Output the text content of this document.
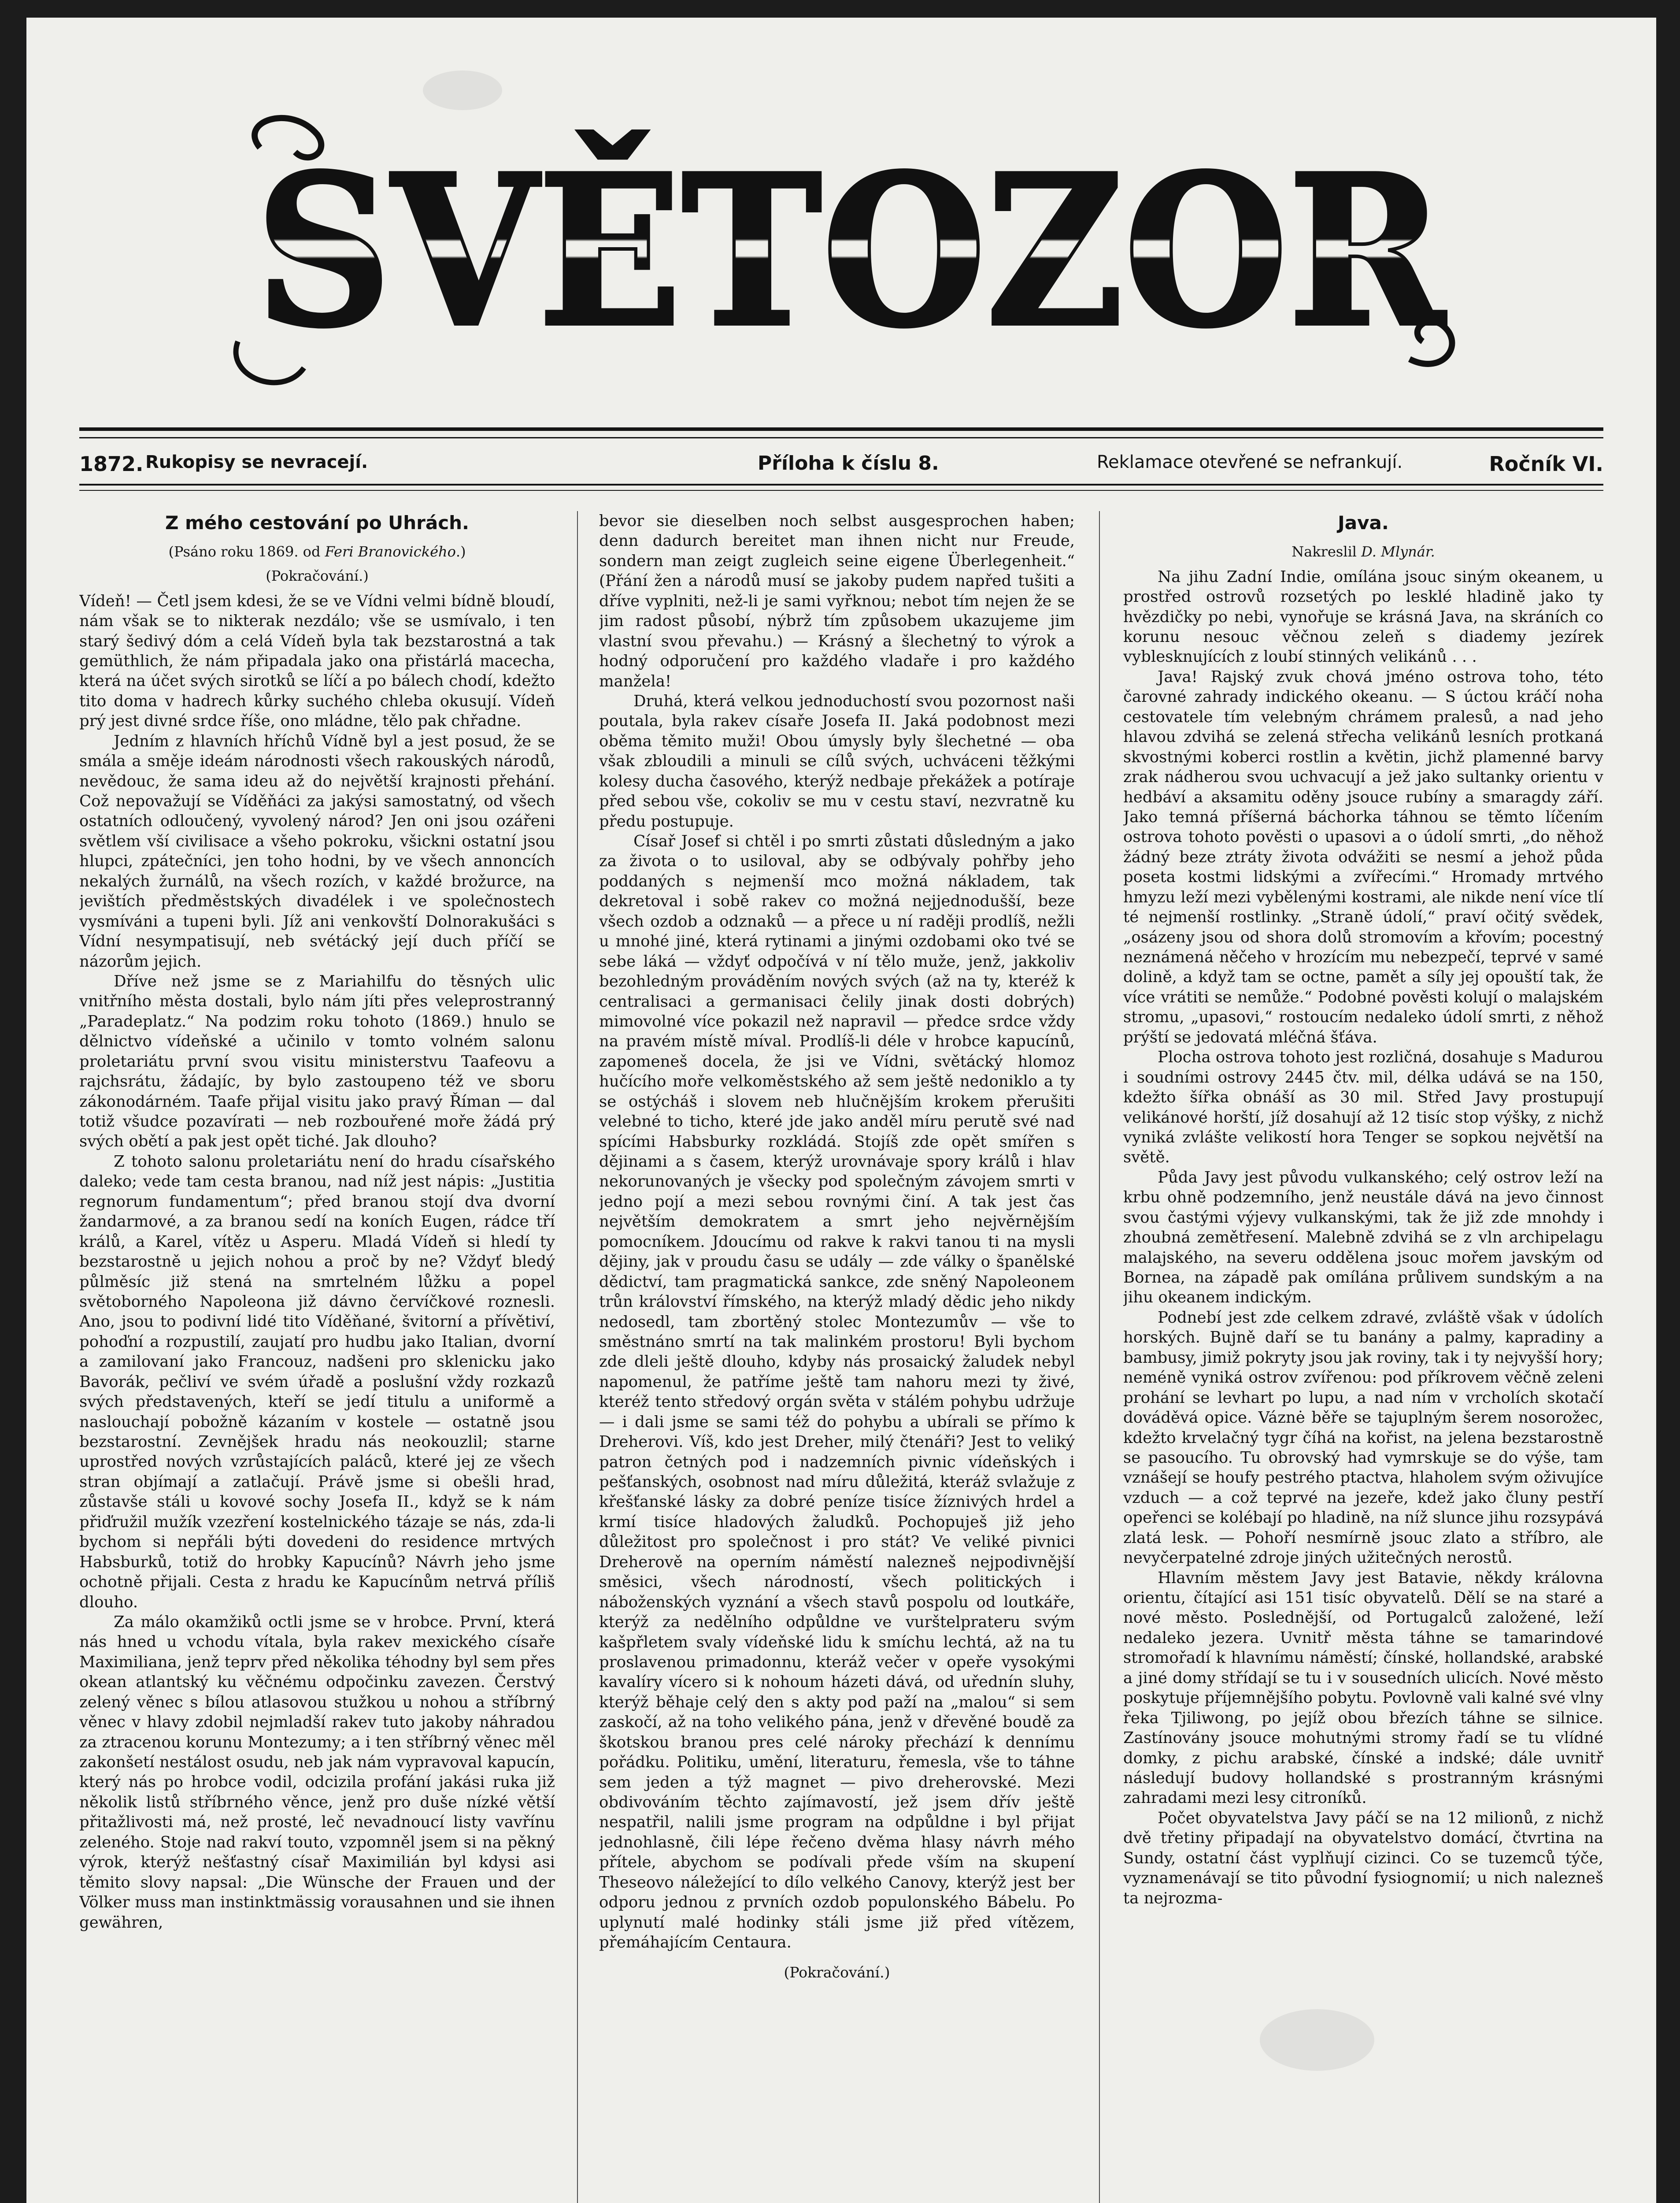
SVĚTOZOR
1872. Rukopisy se nevracejí.	Příloha k číslu 8.	Reklamace otevřené se nefrankují.	Ročník VI.
Z mého cestování po Uhrách.
(Psáno roku 1869. od Feri Branovického.)
(Pokračování.)

Vídeň! — Četl jsem kdesi, že se ve Vídni velmi bídně bloudí, nám však se to nikterak nezdálo; vše se usmívalo, i ten starý šedivý dóm a celá Vídeň byla tak bezstarostná a tak gemüthlich, že nám připadala jako ona přistárlá macecha, která na účet svých sirotků se líčí a po bálech chodí, kdežto tito doma v hadrech kůrky suchého chleba okusují. Vídeň prý jest divné srdce říše, ono mládne, tělo pak chřadne.

Jedním z hlavních hříchů Vídně byl a jest posud, že se smála a směje ideám národnosti všech rakouských národů, nevědouc, že sama ideu až do největší krajnosti přehání. Což nepovažují se Víděňáci za jakýsi samostatný, od všech ostatních odloučený, vyvolený národ? Jen oni jsou ozářeni světlem vší civilisace a všeho pokroku, všickni ostatní jsou hlupci, zpátečníci, jen toho hodni, by ve všech annoncích nekalých žurnálů, na všech rozích, v každé brožurce, na jevištích předměstských divadélek i ve společnostech vysmíváni a tupeni byli. Jíž ani venkovští Dolnorakušáci s Vídní nesympatisují, neb svétácký její duch příčí se názorům jejich.

Dříve než jsme se z Mariahilfu do těsných ulic vnitřního města dostali, bylo nám jíti přes veleprostranný „Paradeplatz.“ Na podzim roku tohoto (1869.) hnulo se dělnictvo vídeňské a učinilo v tomto volném salonu proletariátu první svou visitu ministerstvu Taafeovu a rajchsrátu, žádajíc, by bylo zastoupeno též ve sboru zákonodárném. Taafe přijal visitu jako pravý Říman — dal totiž všudce pozavírati — neb rozbouřené moře žádá prý svých obětí a pak jest opět tiché. Jak dlouho?

Z tohoto salonu proletariátu není do hradu císařského daleko; vede tam cesta branou, nad níž jest nápis: „Justitia regnorum fundamentum“; před branou stojí dva dvorní žandarmové, a za branou sedí na koních Eugen, rádce tří králů, a Karel, vítěz u Asperu. Mladá Vídeň si hledí ty bezstarostně u jejich nohou a proč by ne? Vždyť bledý půlměsíc již stená na smrtelném lůžku a popel světoborného Napoleona již dávno červíčkové roznesli. Ano, jsou to podivní lidé tito Víděňané, švitorní a přívětiví, pohoďní a rozpustilí, zaujatí pro hudbu jako Italian, dvorní a zamilovaní jako Francouz, nadšeni pro sklenicku jako Bavorák, pečliví ve svém úřadě a poslušní vždy rozkazů svých představených, kteří se jedí titulu a uniformě a naslouchají pobožně kázaním v kostele — ostatně jsou bezstarostní. Zevnějšek hradu nás neokouzlil; starne uprostřed nových vzrůstajících paláců, které jej ze všech stran objímají a zatlačují. Právě jsme si obešli hrad, zůstavše stáli u kovové sochy Josefa II., když se k nám přiďružil mužík vzezření kostelnického tázaje se nás, zda-li bychom si nepřáli býti dovedeni do residence mrtvých Habsburků, totiž do hrobky Kapucínů? Návrh jeho jsme ochotně přijali. Cesta z hradu ke Kapucínům netrvá příliš dlouho.

Za málo okamžiků octli jsme se v hrobce. První, která nás hned u vchodu vítala, byla rakev mexického císaře Maximiliana, jenž teprv před několika téhodny byl sem přes okean atlantský ku věčnému odpočinku zavezen. Čerstvý zelený věnec s bílou atlasovou stužkou u nohou a stříbrný věnec v hlavy zdobil nejmladší rakev tuto jakoby náhradou za ztracenou korunu Montezumy; a i ten stříbrný věnec měl zakonšetí nestálost osudu, neb jak nám vypravoval kapucín, který nás po hrobce vodil, odcizila profání jakási ruka již několik listů stříbrného věnce, jenž pro duše nízké větší přitažlivosti má, než prosté, leč nevadnoucí listy vavřínu zeleného. Stoje nad rakví touto, vzpomněl jsem si na pěkný výrok, kterýž nešťastný císař Maximilián byl kdysi asi těmito slovy napsal: „Die Wünsche der Frauen und der Völker muss man instinktmässig vorausahnen und sie ihnen gewähren,

bevor sie dieselben noch selbst ausgesprochen haben; denn dadurch bereitet man ihnen nicht nur Freude, sondern man zeigt zugleich seine eigene Überlegenheit.“ (Přání žen a národů musí se jakoby pudem napřed tušiti a dříve vyplniti, než-li je sami vyřknou; nebot tím nejen že se jim radost působí, nýbrž tím způsobem ukazujeme jim vlastní svou převahu.) — Krásný a šlechetný to výrok a hodný odporučení pro každého vladaře i pro každého manžela!

Druhá, která velkou jednoduchostí svou pozornost naši poutala, byla rakev císaře Josefa II. Jaká podobnost mezi oběma těmito muži! Obou úmysly byly šlechetné — oba však zbloudili a minuli se cílů svých, uchváceni těžkými kolesy ducha časového, kterýž nedbaje překážek a potíraje před sebou vše, cokoliv se mu v cestu staví, nezvratně ku předu postupuje.

Císař Josef si chtěl i po smrti zůstati důsledným a jako za života o to usiloval, aby se odbývaly pohřby jeho poddaných s nejmenší mco možná nákladem, tak dekretoval i sobě rakev co možná nejjednodušší, beze všech ozdob a odznaků — a přece u ní raději prodlíš, nežli u mnohé jiné, která rytinami a jinými ozdobami oko tvé se sebe láká — vždyť odpočívá v ní tělo muže, jenž, jakkoliv bezohledným prováděním nových svých (až na ty, kteréž k centralisaci a germanisaci čelily jinak dosti dobrých) mimovolné více pokazil než napravil — předce srdce vždy na pravém místě míval. Prodlíš-li déle v hrobce kapucínů, zapomeneš docela, že jsi ve Vídni, světácký hlomoz hučícího moře velkoměstského až sem ještě nedoniklo a ty se ostýcháš i slovem neb hlučnějším krokem přerušiti velebné to ticho, které jde jako anděl míru perutě své nad spícími Habsburky rozkládá. Stojíš zde opět smířen s dějinami a s časem, kterýž urovnávaje spory králů i hlav nekorunovaných je všecky pod společným závojem smrti v jedno pojí a mezi sebou rovnými činí. A tak jest čas největším demokratem a smrt jeho nejvěrnějším pomocníkem. Jdoucímu od rakve k rakvi tanou ti na mysli dějiny, jak v proudu času se udály — zde války o španělské dědictví, tam pragmatická sankce, zde sněný Napoleonem trůn království římského, na kterýž mladý dědic jeho nikdy nedosedl, tam zbortěný stolec Montezumův — vše to směstnáno smrtí na tak malinkém prostoru! Byli bychom zde dleli ještě dlouho, kdyby nás prosaický žaludek nebyl napomenul, že patříme ještě tam nahoru mezi ty živé, kteréž tento středový orgán světa v stálém pohybu udržuje — i dali jsme se sami též do pohybu a ubírali se přímo k Dreherovi. Víš, kdo jest Dreher, milý čtenáři? Jest to veliký patron četných pod i nadzemních pivnic vídeňských i pešťanských, osobnost nad míru důležitá, kteráž svlažuje z křešťanské lásky za dobré peníze tisíce žíznivých hrdel a krmí tisíce hladových žaludků. Pochopuješ již jeho důležitost pro společnost i pro stát? Ve veliké pivnici Dreherově na operním náměstí nalezneš nejpodivnější směsici, všech národností, všech politických i náboženských vyznání a všech stavů pospolu od loutkáře, kterýž za nedělního odpůldne ve vurštelprateru svým kašpřletem svaly vídeňské lidu k smíchu lechtá, až na tu proslavenou primadonnu, kteráž večer v opeře vysokými kavalíry vícero si k nohoum házeti dává, od uřednín sluhy, kterýž běhaje celý den s akty pod paží na „malou“ si sem zaskočí, až na toho velikého pána, jenž v dřevěné boudě za škotskou branou pres celé nároky přechází k dennímu pořádku. Politiku, umění, literaturu, řemesla, vše to táhne sem jeden a týž magnet — pivo dreherovské. Mezi obdivováním těchto zajímavostí, jež jsem dřív ještě nespatřil, nalili jsme program na odpůldne i byl přijat jednohlasně, čili lépe řečeno dvěma hlasy návrh mého přítele, abychom se podívali přede vším na skupení Theseovo náležející to dílo velkého Canovy, kterýž jest ber odporu jednou z prvních ozdob populonského Bábelu. Po uplynutí malé hodinky stáli jsme již před vítězem, přemáhajícím Centaura.

(Pokračování.)
Java.
Nakreslil D. Mlynár.

Na jihu Zadní Indie, omílána jsouc siným okeanem, u prostřed ostrovů rozsetých po lesklé hladině jako ty hvězdičky po nebi, vynořuje se krásná Java, na skráních co korunu nesouc věčnou zeleň s diademy jezírek vyblesknujících z loubí stinných velikánů . . .

Java! Rajský zvuk chová jméno ostrova toho, této čarovné zahrady indického okeanu. — S úctou kráčí noha cestovatele tím velebným chrámem pralesů, a nad jeho hlavou zdvihá se zelená střecha velikánů lesních protkaná skvostnými koberci rostlin a květin, jichž plamenné barvy zrak nádherou svou uchvacují a jež jako sultanky orientu v hedbáví a aksamitu oděny jsouce rubíny a smaragdy září. Jako temná příšerná báchorka táhnou se těmto líčením ostrova tohoto pověsti o upasovi a o údolí smrti, „do něhož žádný beze ztráty života odvážiti se nesmí a jehož půda poseta kostmi lidskými a zvířecími.“ Hromady mrtvého hmyzu leží mezi vybělenými kostrami, ale nikde není více tlí té nejmenší rostlinky. „Straně údolí,“ praví očitý svědek, „osázeny jsou od shora dolů stromovím a křovím; pocestný neznámená něčeho v hrozícím mu nebezpečí, teprvé v samé dolině, a když tam se octne, pamět a síly jej opouští tak, že více vrátiti se nemůže.“ Podobné pověsti kolují o malajském stromu, „upasovi,“ rostoucím nedaleko údolí smrti, z něhož prýští se jedovatá mléčná šťáva.

Plocha ostrova tohoto jest rozličná, dosahuje s Madurou i soudními ostrovy 2445 čtv. mil, délka udává se na 150, kdežto šířka obnáší as 30 mil. Střed Javy prostupují velikánové horští, jíž dosahují až 12 tisíc stop výšky, z nichž vyniká zvlášte velikostí hora Tenger se sopkou největší na světě.

Půda Javy jest původu vulkanského; celý ostrov leží na krbu ohně podzemního, jenž neustále dává na jevo činnost svou častými výjevy vulkanskými, tak že již zde mnohdy i zhoubná zemětřesení. Malebně zdvihá se z vln archipelagu malajského, na severu oddělena jsouc mořem javským od Bornea, na západě pak omílána průlivem sundským a na jihu okeanem indickým.

Podnebí jest zde celkem zdravé, zvláště však v údolích horských. Bujně daří se tu banány a palmy, kapradiny a bambusy, jimiž pokryty jsou jak roviny, tak i ty nejvyšší hory; neméně vyniká ostrov zvířenou: pod příkrovem věčně zeleni prohání se levhart po lupu, a nad ním v vrcholích skotačí dováděvá opice. Váznė běře se tajuplným šerem nosorožec, kdežto krvelačný tygr číhá na kořist, na jelena bezstarostně se pasoucího. Tu obrovský had vymrskuje se do výše, tam vznášejí se houfy pestrého ptactva, hlaholem svým oživujíce vzduch — a což teprvé na jezeře, kdež jako čluny pestří opeřenci se kolébají po hladině, na níž slunce jihu rozsypává zlatá lesk. — Pohoří nesmírně jsouc zlato a stříbro, ale nevyčerpatelné zdroje jiných užitečných nerostů.

Hlavním městem Javy jest Batavie, někdy královna orientu, čítající asi 151 tisíc obyvatelů. Dělí se na staré a nové město. Poslednější, od Portugalců založené, leží nedaleko jezera. Uvnitř města táhne se tamarindové stromořadí k hlavnímu náměstí; čínské, hollandské, arabské a jiné domy střídají se tu i v sousedních ulicích. Nové město poskytuje příjemnějšího pobytu. Povlovně vali kalné své vlny řeka Tjiliwong, po jejíž obou březích táhne se silnice. Zastínovány jsouce mohutnými stromy řadí se tu vlídné domky, z pichu arabské, čínské a indské; dále uvnitř následují budovy hollandské s prostranným krásnými zahradami mezi lesy citroníků.

Počet obyvatelstva Javy páčí se na 12 milionů, z nichž dvě třetiny připadají na obyvatelstvo domácí, čtvrtina na Sundy, ostatní část vyplňují cizinci. Co se tuzemců týče, vyznamenávají se tito původní fysiognomií; u nich nalezneš ta nejrozma-
